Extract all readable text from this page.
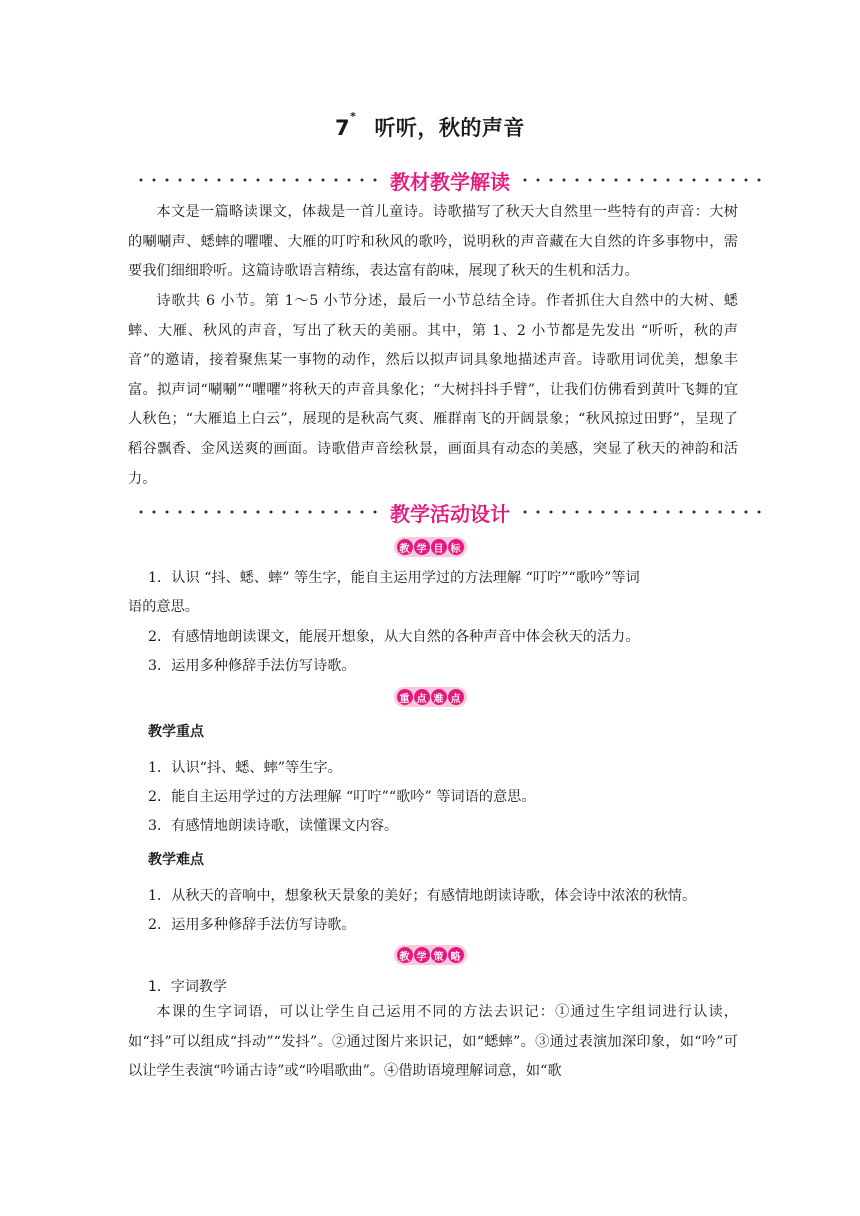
7* 听听，秋的声音
教材教学解读

本文是一篇略读课文，体裁是一首儿童诗。诗歌描写了秋天大自然里一些特有的声音：大树的唰唰声、蟋蟀的㘗㘗、大雁的叮咛和秋风的歌吟，说明秋的声音藏在大自然的许多事物中，需要我们细细聆听。这篇诗歌语言精练，表达富有韵味，展现了秋天的生机和活力。

诗歌共 6 小节。第 1～5 小节分述，最后一小节总结全诗。作者抓住大自然中的大树、蟋蟀、大雁、秋风的声音，写出了秋天的美丽。其中，第 1、2 小节都是先发出 “听听，秋的声音”的邀请，接着聚焦某一事物的动作，然后以拟声词具象地描述声音。诗歌用词优美，想象丰富。拟声词“唰唰”“㘗㘗”将秋天的声音具象化；“大树抖抖手臂”，让我们仿佛看到黄叶飞舞的宜人秋色；“大雁追上白云”，展现的是秋高气爽、雁群南飞的开阔景象；“秋风掠过田野”，呈现了稻谷飘香、金风送爽的画面。诗歌借声音绘秋景，画面具有动态的美感，突显了秋天的神韵和活力。

教学活动设计
教 学 目 标

1．认识 “抖、蟋、蟀” 等生字，能自主运用学过的方法理解 “叮咛”“歌吟”等词

语的意思。

2．有感情地朗读课文，能展开想象，从大自然的各种声音中体会秋天的活力。

3．运用多种修辞手法仿写诗歌。

重 点 难 点
教学重点

1．认识“抖、蟋、蟀”等生字。

2．能自主运用学过的方法理解 “叮咛”“歌吟” 等词语的意思。

3．有感情地朗读诗歌，读懂课文内容。

教学难点

1．从秋天的音响中，想象秋天景象的美好；有感情地朗读诗歌，体会诗中浓浓的秋情。

2．运用多种修辞手法仿写诗歌。

教 学 策 略
1．字词教学

本课的生字词语，可以让学生自己运用不同的方法去识记：①通过生字组词进行认读，如“抖”可以组成“抖动”“发抖”。②通过图片来识记，如“蟋蟀”。③通过表演加深印象，如“吟”可以让学生表演“吟诵古诗”或“吟唱歌曲”。④借助语境理解词意，如“歌
